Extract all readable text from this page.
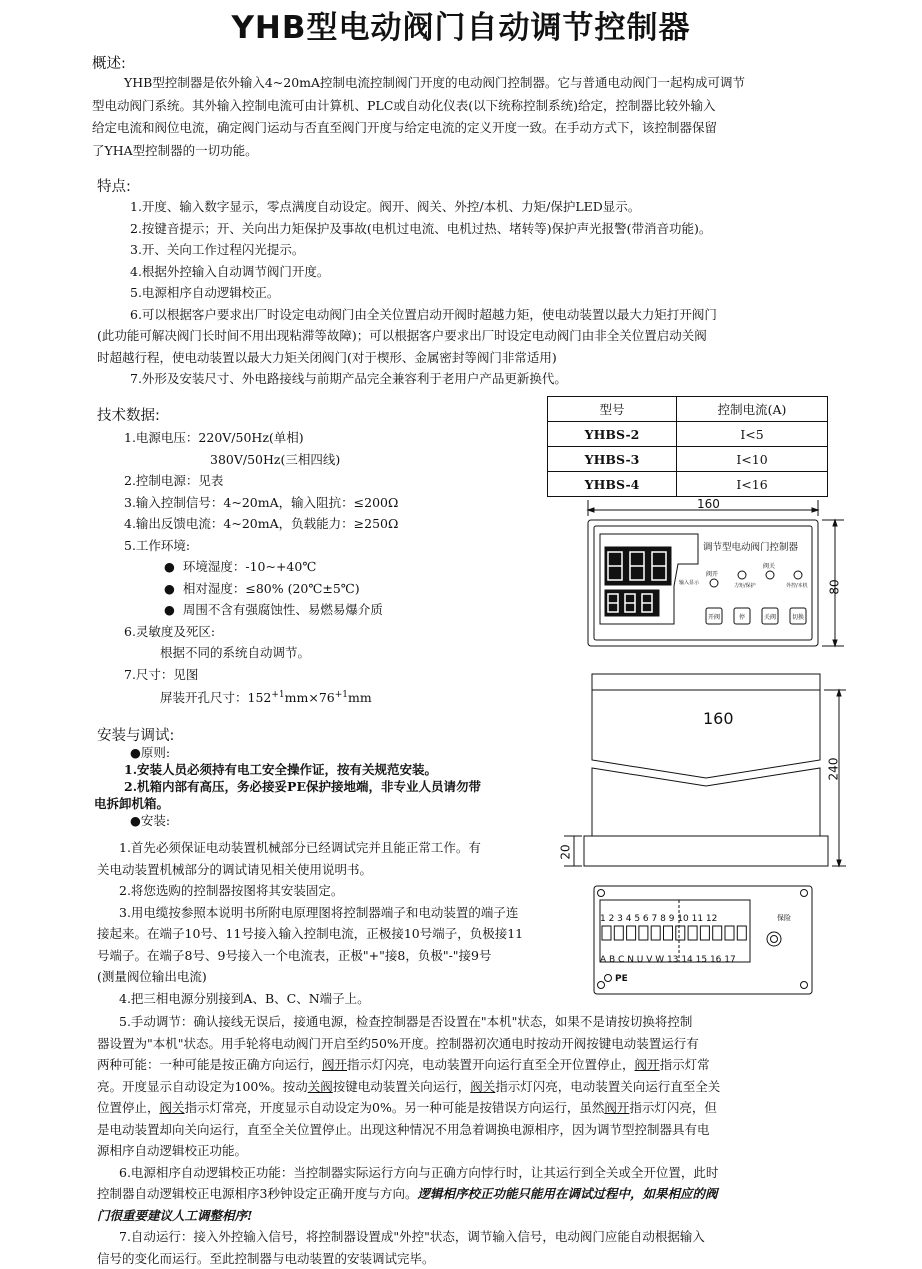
YHB型电动阀门自动调节控制器
概述:
YHB型控制器是依外输入4~20mA控制电流控制阀门开度的电动阀门控制器。它与普通电动阀门一起构成可调节
型电动阀门系统。其外输入控制电流可由计算机、PLC或自动化仪表(以下统称控制系统)给定，控制器比较外输入
给定电流和阀位电流，确定阀门运动与否直至阀门开度与给定电流的定义开度一致。在手动方式下，该控制器保留
了YHA型控制器的一切功能。
特点:
1.开度、输入数字显示，零点满度自动设定。阀开、阀关、外控/本机、力矩/保护LED显示。
2.按键音提示；开、关向出力矩保护及事故(电机过电流、电机过热、堵转等)保护声光报警(带消音功能)。
3.开、关向工作过程闪光提示。
4.根据外控输入自动调节阀门开度。
5.电源相序自动逻辑校正。
6.可以根据客户要求出厂时设定电动阀门由全关位置启动开阀时超越力矩，使电动装置以最大力矩打开阀门
(此功能可解决阀门长时间不用出现粘滞等故障)；可以根据客户要求出厂时设定电动阀门由非全关位置启动关阀
时超越行程，使电动装置以最大力矩关闭阀门(对于楔形、金属密封等阀门非常适用)
7.外形及安装尺寸、外电路接线与前期产品完全兼容利于老用户产品更新换代。
技术数据:
1.电源电压：220V/50Hz(单相)
380V/50Hz(三相四线)
2.控制电源：见表
3.输入控制信号：4~20mA，输入阻抗：≤200Ω
4.输出反馈电流：4~20mA，负载能力：≥250Ω
5.工作环境:
●  环境湿度：-10~+40℃
●  相对湿度：≤80% (20℃±5℃)
●  周围不含有强腐蚀性、易燃易爆介质
6.灵敏度及死区:
根据不同的系统自动调节。
7.尺寸：见图
屏装开孔尺寸：$152^{+1}mm\times 76^{+1}mm$
型号	控制电流(A)
YHBS-2	I<5
YHBS-3	I<10
YHBS-4	I<16
160
调节型电动阀门控制器
输入显示
阀开
力矩/保护
阀关
外控/本机
开阀	停	关阀	切换
160
80
240
20
保险
1 2 3 4 5 6 7 8 9 10 11 12
A B C N U V W 13 14 15 16 17
PE
安装与调试:
●原则:
1.安装人员必须持有电工安全操作证，按有关规范安装。
2.机箱内部有高压，务必接妥PE保护接地端，非专业人员请勿带
电拆卸机箱。
●安装:
1.首先必须保证电动装置机械部分已经调试完并且能正常工作。有
关电动装置机械部分的调试请见相关使用说明书。
2.将您选购的控制器按图将其安装固定。
3.用电缆按参照本说明书所附电原理图将控制器端子和电动装置的端子连
接起来。在端子10号、11号接入输入控制电流，正极接10号端子，负极接11
号端子。在端子8号、9号接入一个电流表，正极"+"接8，负极"-"接9号
(测量阀位输出电流)
4.把三相电源分别接到A、B、C、N端子上。
5.手动调节：确认接线无误后，接通电源，检查控制器是否设置在"本机"状态，如果不是请按切换将控制
器设置为"本机"状态。用手轮将电动阀门开启至约50%开度。控制器初次通电时按动开阀按键电动装置运行有
两种可能：一种可能是按正确方向运行，阀开指示灯闪亮，电动装置开向运行直至全开位置停止，阀开指示灯常
亮。开度显示自动设定为100%。按动关阀按键电动装置关向运行，阀关指示灯闪亮，电动装置关向运行直至全关
位置停止，阀关指示灯常亮，开度显示自动设定为0%。另一种可能是按错误方向运行，虽然阀开指示灯闪亮，但
是电动装置却向关向运行，直至全关位置停止。出现这种情况不用急着调换电源相序，因为调节型控制器具有电
源相序自动逻辑校正功能。
6.电源相序自动逻辑校正功能：当控制器实际运行方向与正确方向悖行时，让其运行到全关或全开位置，此时
控制器自动逻辑校正电源相序3秒钟设定正确开度与方向。逻辑相序校正功能只能用在调试过程中，如果相应的阀
门很重要建议人工调整相序!
7.自动运行：接入外控输入信号，将控制器设置成"外控"状态，调节输入信号，电动阀门应能自动根据输入
信号的变化而运行。至此控制器与电动装置的安装调试完毕。
